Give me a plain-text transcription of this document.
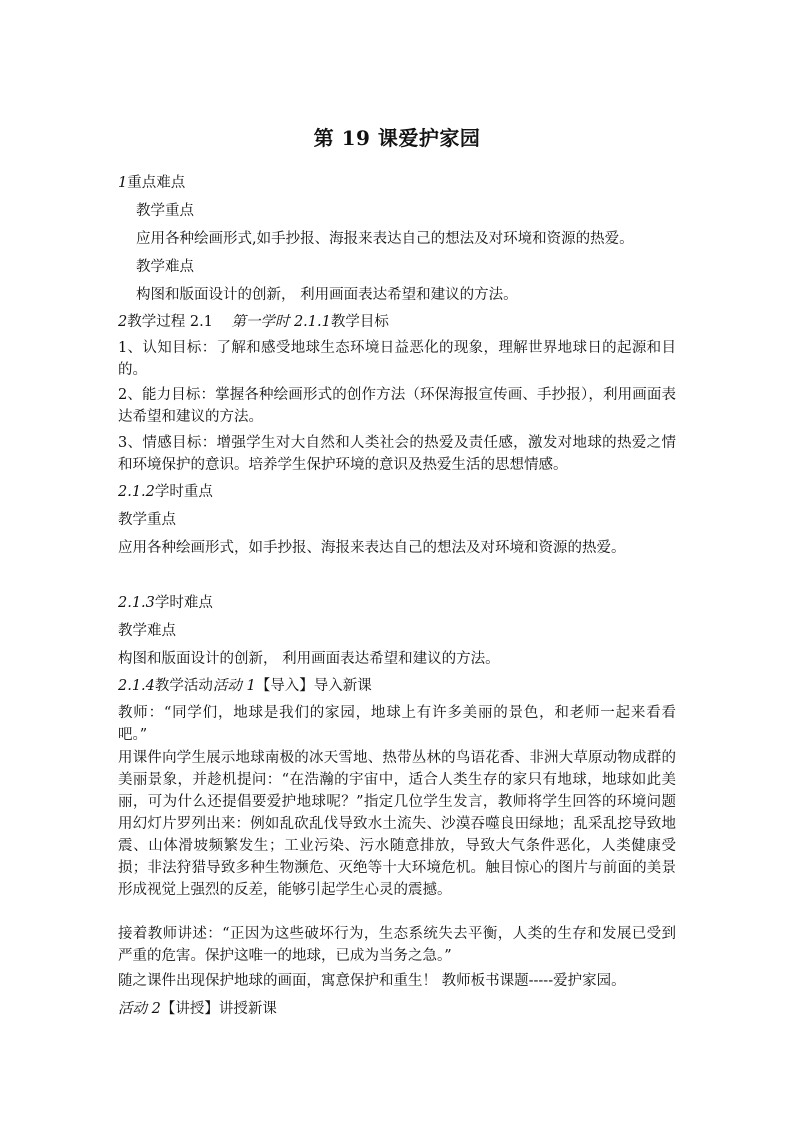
第 19 课爱护家园
1重点难点
教学重点
应用各种绘画形式,如手抄报、海报来表达自己的想法及对环境和资源的热爱。
教学难点
构图和版面设计的创新， 利用画面表达希望和建议的方法。
2教学过程 2.1 第一学时 2.1.1教学目标
1、认知目标：了解和感受地球生态环境日益恶化的现象，理解世界地球日的起源和目的。
2、能力目标：掌握各种绘画形式的创作方法（环保海报宣传画、手抄报），利用画面表达希望和建议的方法。
3、情感目标：增强学生对大自然和人类社会的热爱及责任感，激发对地球的热爱之情和环境保护的意识。培养学生保护环境的意识及热爱生活的思想情感。
2.1.2学时重点
教学重点
应用各种绘画形式，如手抄报、海报来表达自己的想法及对环境和资源的热爱。
2.1.3学时难点
教学难点
构图和版面设计的创新， 利用画面表达希望和建议的方法。
2.1.4教学活动活动 1【导入】导入新课
教师：“同学们，地球是我们的家园，地球上有许多美丽的景色，和老师一起来看看吧。”
用课件向学生展示地球南极的冰天雪地、热带丛林的鸟语花香、非洲大草原动物成群的美丽景象，并趁机提问：“在浩瀚的宇宙中，适合人类生存的家只有地球，地球如此美丽，可为什么还提倡要爱护地球呢？”指定几位学生发言，教师将学生回答的环境问题用幻灯片罗列出来：例如乱砍乱伐导致水土流失、沙漠吞噬良田绿地；乱采乱挖导致地震、山体滑坡频繁发生；工业污染、污水随意排放，导致大气条件恶化，人类健康受损；非法狩猎导致多种生物濒危、灭绝等十大环境危机。触目惊心的图片与前面的美景形成视觉上强烈的反差，能够引起学生心灵的震撼。
接着教师讲述：“正因为这些破坏行为，生态系统失去平衡，人类的生存和发展已受到严重的危害。保护这唯一的地球，已成为当务之急。”
随之课件出现保护地球的画面，寓意保护和重生！ 教师板书课题-----爱护家园。
活动 2【讲授】讲授新课
